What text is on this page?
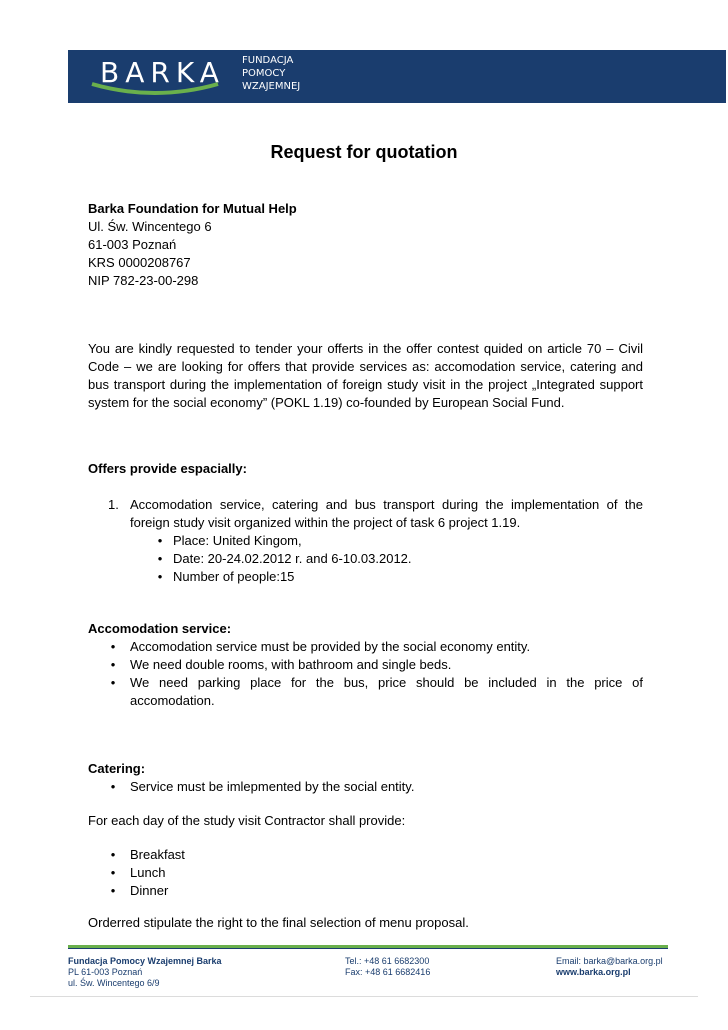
BARKA FUNDACJA
POMOCY
WZAJEMNEJ
Request for quotation
Barka Foundation for Mutual Help
Ul. Św. Wincentego 6
61-003 Poznań
KRS 0000208767
NIP 782-23-00-298
You are kindly requested to tender your offerts in the offer contest quided on article 70 – Civil Code – we are looking for offers that provide services as: accomodation service, catering and bus transport during the implementation of foreign study visit in the project „Integrated support system for the social economy” (POKL 1.19) co-founded by European Social Fund.
Offers provide espacially:
1. Accomodation service, catering and bus transport during the implementation of the foreign study visit organized within the project of task 6 project 1.19.
• Place: United Kingom,
• Date: 20-24.02.2012 r. and 6-10.03.2012.
• Number of people:15
Accomodation service:
•	Accomodation service must be provided by the social economy entity.
•	We need double rooms, with bathroom and single beds.
•	We need parking place for the bus, price should be included in the price of accomodation.
Catering:
•	Service must be imlepmented by the social entity.
For each day of the study visit Contractor shall provide:
•	Breakfast
•	Lunch
•	Dinner
Orderred stipulate the right to the final selection of menu proposal.
Fundacja Pomocy Wzajemnej Barka
PL 61-003 Poznań
ul. Św. Wincentego 6/9
Tel.: +48 61 6682300
Fax: +48 61 6682416
Email: barka@barka.org.pl
www.barka.org.pl
